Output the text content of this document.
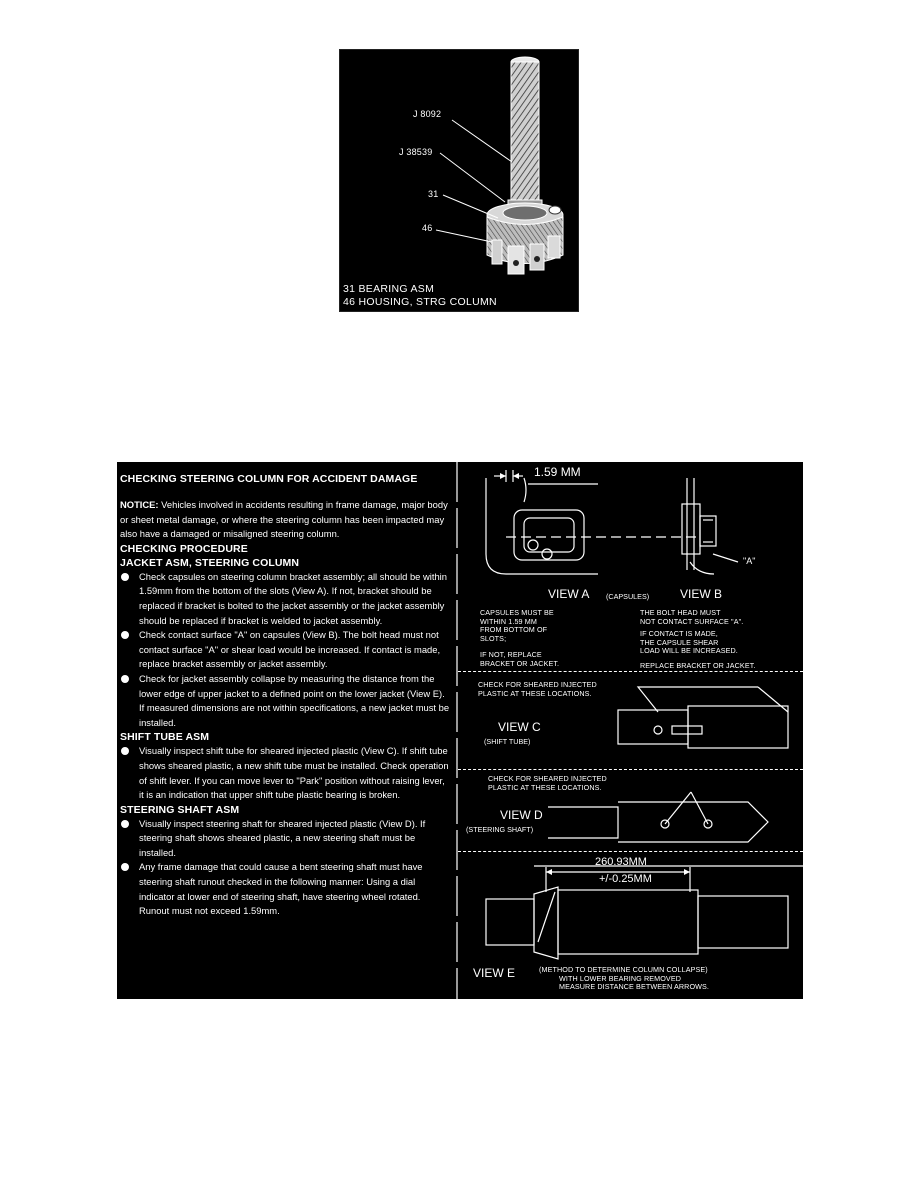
J 8092
J 38539
31
46
31 BEARING ASM
46 HOUSING, STRG COLUMN
CHECKING STEERING COLUMN FOR ACCIDENT DAMAGE
NOTICE: Vehicles involved in accidents resulting in frame damage, major body or sheet metal damage, or where the steering column has been impacted may also have a damaged or misaligned steering column.
CHECKING PROCEDURE
JACKET ASM, STEERING COLUMN
Check capsules on steering column bracket assembly; all should be within 1.59mm from the bottom of the slots (View A). If not, bracket should be replaced if bracket is bolted to the jacket assembly or the jacket assembly should be replaced if bracket is welded to jacket assembly.
Check contact surface "A" on capsules (View B). The bolt head must not contact surface "A" or shear load would be increased. If contact is made, replace bracket assembly or jacket assembly.
Check for jacket assembly collapse by measuring the distance from the lower edge of upper jacket to a defined point on the lower jacket (View E). If measured dimensions are not within specifications, a new jacket must be installed.
SHIFT TUBE ASM
Visually inspect shift tube for sheared injected plastic (View C). If shift tube shows sheared plastic, a new shift tube must be installed. Check operation of shift lever. If you can move lever to "Park" position without raising lever, it is an indication that upper shift tube plastic bearing is broken.
STEERING SHAFT ASM
Visually inspect steering shaft for sheared injected plastic (View D). If steering shaft shows sheared plastic, a new steering shaft must be installed.
Any frame damage that could cause a bent steering shaft must have steering shaft runout checked in the following manner: Using a dial indicator at lower end of steering shaft, have steering wheel rotated. Runout must not exceed 1.59mm.
1.59 MM
"A"
VIEW A (CAPSULES)	VIEW B
CAPSULES MUST BE
WITHIN 1.59 MM
FROM BOTTOM OF
SLOTS;
IF NOT, REPLACE
BRACKET OR JACKET.
THE BOLT HEAD MUST
NOT CONTACT SURFACE "A".
IF CONTACT IS MADE,
THE CAPSULE SHEAR
LOAD WILL BE INCREASED.
REPLACE BRACKET OR JACKET.
CHECK FOR SHEARED INJECTED
PLASTIC AT THESE LOCATIONS.
VIEW C
(SHIFT TUBE)
CHECK FOR SHEARED INJECTED
PLASTIC AT THESE LOCATIONS.
VIEW D
(STEERING SHAFT)
260.93MM
+/-0.25MM
VIEW E	(METHOD TO DETERMINE COLUMN COLLAPSE)
WITH LOWER BEARING REMOVED
MEASURE DISTANCE BETWEEN ARROWS.
